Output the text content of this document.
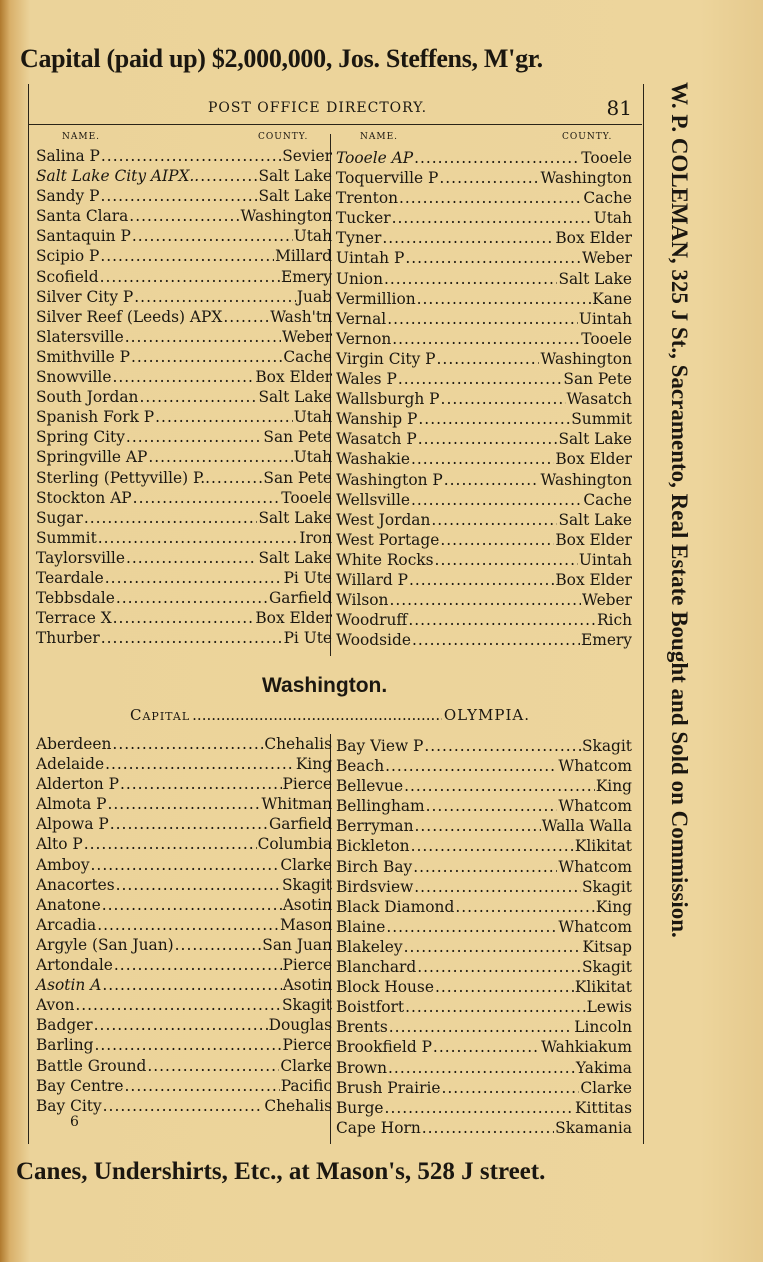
Capital (paid up) $2,000,000, Jos. Steffens, M'gr.
W. P. COLEMAN, 325 J St., Sacramento, Real Estate Bought and Sold on Commission.
POST OFFICE DIRECTORY.	81
NAME.	COUNTY.	NAME.	COUNTY.
Salina P .....	Sevier
Salt Lake City AIPX.. .....	Salt Lake
Sandy P .....	Salt Lake
Santa Clara .....	Washington
Santaquin P .....	Utah
Scipio P .....	Millard
Scofield .....	Emery
Silver City P .....	Juab
Silver Reef (Leeds) APX .....	Wash'tn
Slatersville .....	Weber
Smithville P .....	Cache
Snowville .....	Box Elder
South Jordan .....	Salt Lake
Spanish Fork P .....	Utah
Spring City .....	San Pete
Springville AP .....	Utah
Sterling (Pettyville) P.. .....	San Pete
Stockton AP .....	Tooele
Sugar .....	Salt Lake
Summit .....	Iron
Taylorsville .....	Salt Lake
Teardale .....	Pi Ute
Tebbsdale .....	Garfield
Terrace X .....	Box Elder
Thurber .....	Pi Ute
Tooele AP .....	Tooele
Toquerville P .....	Washington
Trenton .....	Cache
Tucker .....	Utah
Tyner .....	Box Elder
Uintah P .....	Weber
Union .....	Salt Lake
Vermillion .....	Kane
Vernal .....	Uintah
Vernon .....	Tooele
Virgin City P .....	Washington
Wales P .....	San Pete
Wallsburgh P .....	Wasatch
Wanship P .....	Summit
Wasatch P .....	Salt Lake
Washakie .....	Box Elder
Washington P .....	Washington
Wellsville .....	Cache
West Jordan .....	Salt Lake
West Portage .....	Box Elder
White Rocks .....	Uintah
Willard P .....	Box Elder
Wilson .....	Weber
Woodruff .....	Rich
Woodside .....	Emery
Washington.
Capital .....	OLYMPIA.
Aberdeen .....	Chehalis
Adelaide .....	King
Alderton P .....	Pierce
Almota P .....	Whitman
Alpowa P .....	Garfield
Alto P .....	Columbia
Amboy .....	Clarke
Anacortes .....	Skagit
Anatone .....	Asotin
Arcadia .....	Mason
Argyle (San Juan) .....	San Juan
Artondale .....	Pierce
Asotin A .....	Asotin
Avon .....	Skagit
Badger .....	Douglas
Barling .....	Pierce
Battle Ground .....	Clarke
Bay Centre .....	Pacific
Bay City .....	Chehalis
Bay View P .....	Skagit
Beach .....	Whatcom
Bellevue .....	King
Bellingham .....	Whatcom
Berryman .....	Walla Walla
Bickleton .....	Klikitat
Birch Bay .....	Whatcom
Birdsview .....	Skagit
Black Diamond .....	King
Blaine .....	Whatcom
Blakeley .....	Kitsap
Blanchard .....	Skagit
Block House .....	Klikitat
Boistfort .....	Lewis
Brents .....	Lincoln
Brookfield P .....	Wahkiakum
Brown .....	Yakima
Brush Prairie .....	Clarke
Burge .....	Kittitas
Cape Horn .....	Skamania
6
Canes, Undershirts, Etc., at Mason's, 528 J street.
